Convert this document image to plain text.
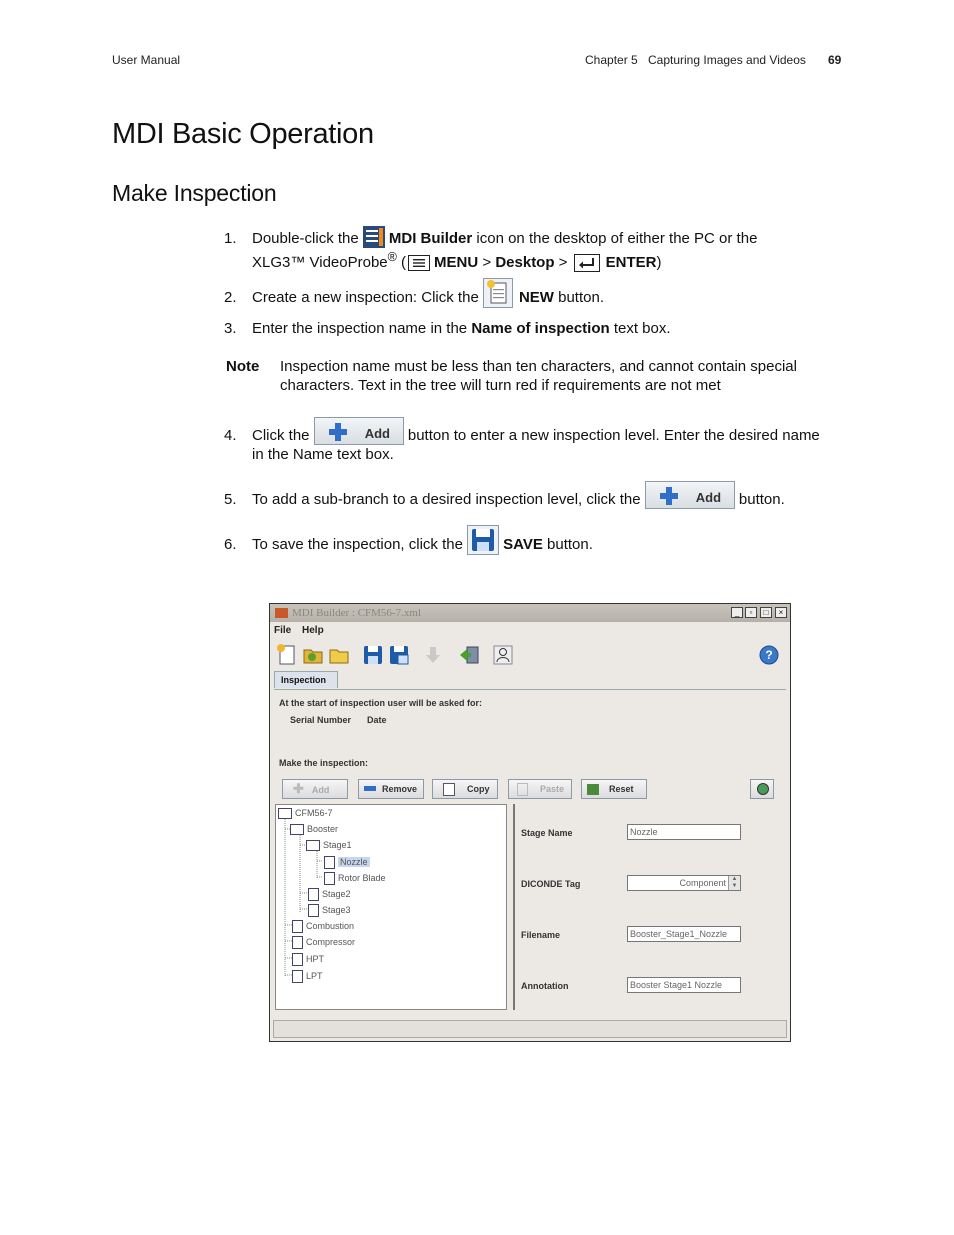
User Manual	Chapter 5 Capturing Images and Videos 69
MDI Basic Operation
Make Inspection
1. Double-click the MDI Builder icon on the desktop of either the PC or the
XLG3™ VideoProbe® ( MENU > Desktop > ENTER)
2. Create a new inspection: Click the NEW button.
3. Enter the inspection name in the Name of inspection text box.
Note Inspection name must be less than ten characters, and cannot contain special characters. Text in the tree will turn red if requirements are not met
4. Click the	Add button to enter a new inspection level. Enter the desired name
in the Name text box.
5. To add a sub-branch to a desired inspection level, click the	Add button.
6. To save the inspection, click the SAVE button.
MDI Builder : CFM56-7.xml	_	▫	□	×
File Help
?
Inspection
At the start of inspection user will be asked for:
Serial Number Date
Make the inspection:
✚ Add	Remove	Copy	Paste	Reset
CFM56-7
Booster
Stage1
Nozzle
Rotor Blade
Stage2
Stage3
Combustion
Compressor
HPT
LPT
Stage Name	Nozzle
DICONDE Tag	Component ▲
▼
Filename	Booster_Stage1_Nozzle
Annotation	Booster Stage1 Nozzle
